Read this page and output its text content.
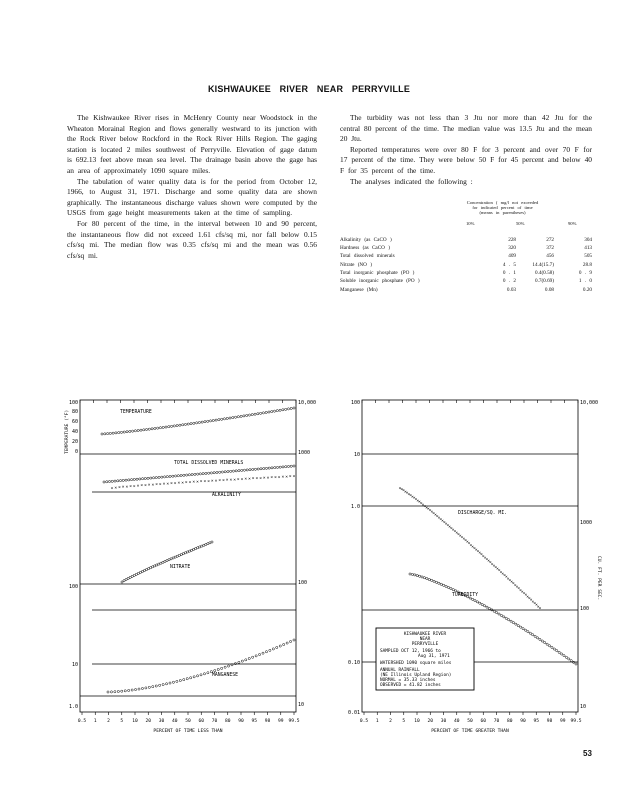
KISHWAUKEE RIVER NEAR PERRYVILLE

The Kishwaukee River rises in McHenry County near Woodstock in the Wheaton Morainal Region and flows generally westward to its junction with the Rock River below Rockford in the Rock River Hills Region. The gaging station is located 2 miles southwest of Perryville. Elevation of gage datum is 692.13 feet above mean sea level. The drainage basin above the gage has an area of approximately 1090 square miles.

The tabulation of water quality data is for the period from October 12, 1966, to August 31, 1971. Discharge and some quality data are shown graphically. The instantaneous discharge values shown were computed by the USGS from gage height measurements taken at the time of sampling.

For 80 percent of the time, in the interval between 10 and 90 percent, the instantaneous flow did not exceed 1.61 cfs/sq mi, nor fall below 0.15 cfs/sq mi. The median flow was 0.35 cfs/sq mi and the mean was 0.56 cfs/sq mi.

The turbidity was not less than 3 Jtu nor more than 42 Jtu for the central 80 percent of the time. The median value was 13.5 Jtu and the mean 20 Jtu.

Reported temperatures were over 80 F for 3 percent and over 70 F for 17 percent of the time. They were below 50 F for 45 percent and below 40 F for 35 percent of the time.

The analyses indicated the following :

Concentration ( mg/l not exceeded
for indicated percent of time
(means in parentheses)
10%	50%	90%
Alkalinity (as CaCO )	228	272	304
Hardness (as CaCO )	320	372	413
Total dissolved minerals	409	456	505
Nitrate (NO )	4 . 5	14.4(15.7)	28.8
Total inorganic phosphate (PO )	0 . 1	0.4(0.58)	0 . 9
Soluble inorganic phosphate (PO )	0 . 2	0.7(0.69)	1 . 0
Manganese (Mn)	0.03	0.08	0.20
100
80
60
40
20
0
100
10
1.0
10,000
1000
100
10
TEMPERATURE (°F)
× × × × × × × × × × × × × × × × × × × × × × × × × × × × × × × × × × × × × × × × × × × × × × × × × ×
TEMPERATURE
TOTAL DISSOLVED MINERALS
ALKALINITY
NITRATE
MANGANESE
0.5 1 2 5 10 20 30 40 50 60 70 80 90 95 98 99 99.5
PERCENT OF TIME LESS THAN
100
10
1.0
0.10
0.01
10,000
1000
100
10
CU. FT. PER SEC.
× × × × × × × × × × × × × × × × × × × × × × × × × × × × × × × × × × × × × × × × × × × × × × × × × × × × × × × × × × × × × × × × × × × × × × × × × × × × × × × ×
DISCHARGE/SQ. MI.
TURBIDITY
KISHWAUKEE RIVER
NEAR
PERRYVILLE
SAMPLED OCT 12, 1966 to
Aug 31, 1971
WATERSHED 1090 square miles
ANNUAL RAINFALL
(NE Illinois Upland Region)
NORMAL = 35.33 inches
OBSERVED = 41.82 inches
0.5 1 2 5 10 20 30 40 50 60 70 80 90 95 98 99 99.5
PERCENT OF TIME GREATER THAN
53
